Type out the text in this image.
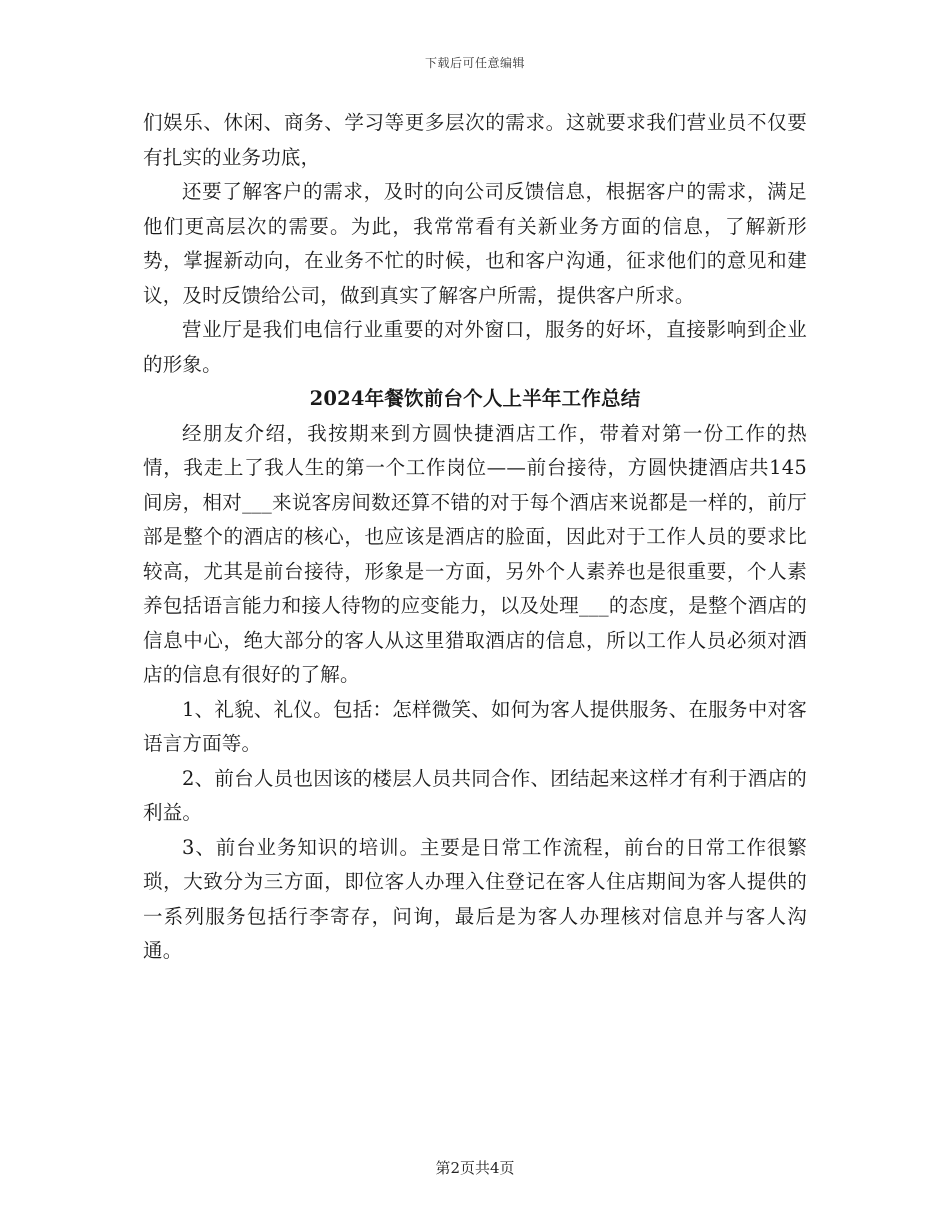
下载后可任意编辑

们娱乐、休闲、商务、学习等更多层次的需求。这就要求我们营业员不仅要有扎实的业务功底，

还要了解客户的需求，及时的向公司反馈信息，根据客户的需求，满足他们更高层次的需要。为此，我常常看有关新业务方面的信息，了解新形势，掌握新动向，在业务不忙的时候，也和客户沟通，征求他们的意见和建议，及时反馈给公司，做到真实了解客户所需，提供客户所求。

营业厅是我们电信行业重要的对外窗口，服务的好坏，直接影响到企业的形象。

2024年餐饮前台个人上半年工作总结

经朋友介绍，我按期来到方圆快捷酒店工作，带着对第一份工作的热情，我走上了我人生的第一个工作岗位——前台接待，方圆快捷酒店共145间房，相对___来说客房间数还算不错的对于每个酒店来说都是一样的，前厅部是整个的酒店的核心，也应该是酒店的脸面，因此对于工作人员的要求比较高，尤其是前台接待，形象是一方面，另外个人素养也是很重要，个人素养包括语言能力和接人待物的应变能力，以及处理___的态度，是整个酒店的信息中心，绝大部分的客人从这里猎取酒店的信息，所以工作人员必须对酒店的信息有很好的了解。

1、礼貌、礼仪。包括：怎样微笑、如何为客人提供服务、在服务中对客语言方面等。

2、前台人员也因该的楼层人员共同合作、团结起来这样才有利于酒店的利益。

3、前台业务知识的培训。主要是日常工作流程，前台的日常工作很繁琐，大致分为三方面，即位客人办理入住登记在客人住店期间为客人提供的一系列服务包括行李寄存，问询，最后是为客人办理核对信息并与客人沟通。

第2页共4页
